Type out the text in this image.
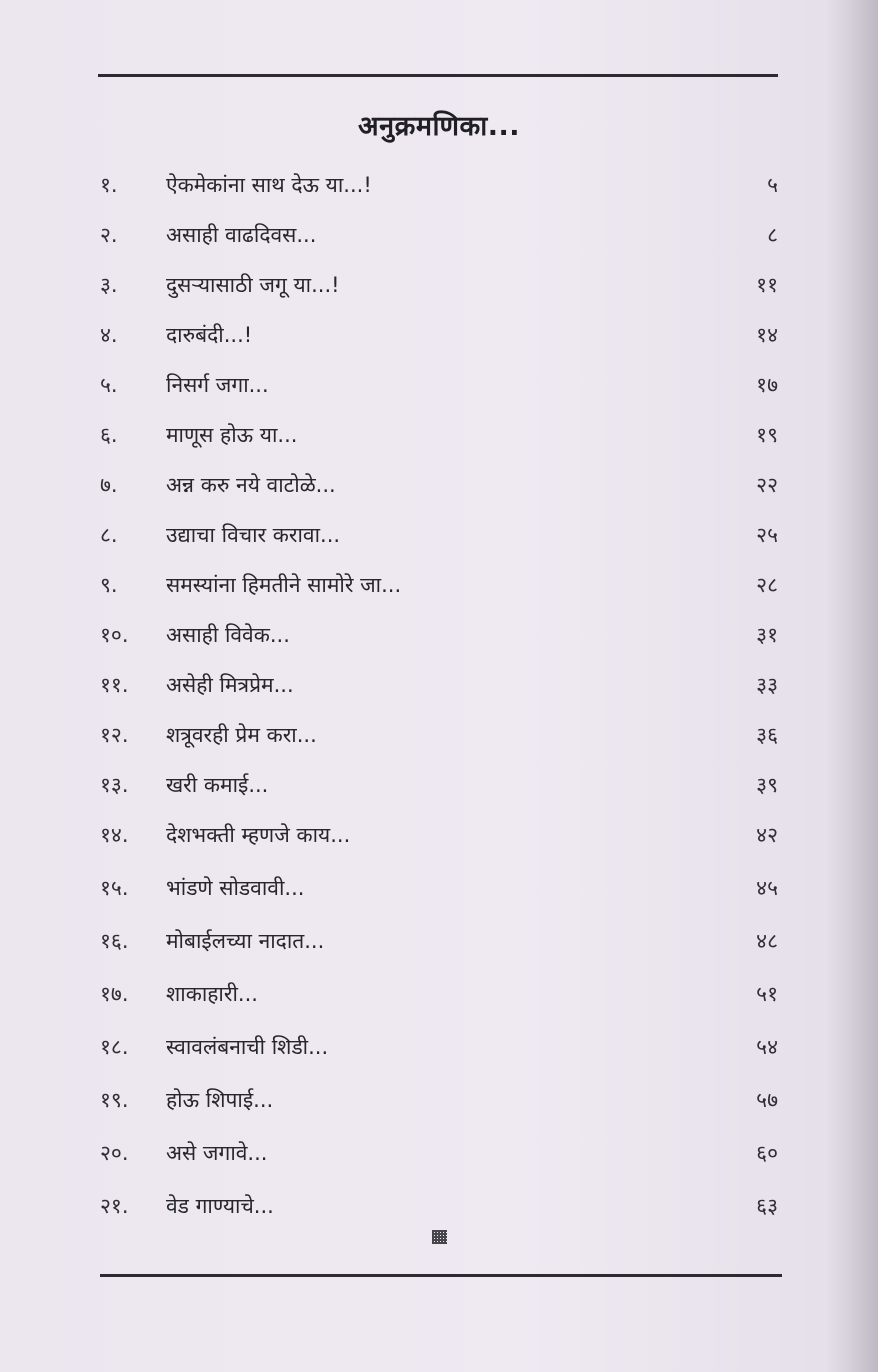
अनुक्रमणिका...
१.	ऐकमेकांना साथ देऊ या...!	५
२.	असाही वाढदिवस...	८
३.	दुसऱ्यासाठी जगू या...!	११
४.	दारुबंदी...!	१४
५.	निसर्ग जगा...	१७
६.	माणूस होऊ या...	१९
७.	अन्न करु नये वाटोळे...	२२
८.	उद्याचा विचार करावा...	२५
९.	समस्यांना हिमतीने सामोरे जा...	२८
१०.	असाही विवेक...	३१
११.	असेही मित्रप्रेम...	३३
१२.	शत्रूवरही प्रेम करा...	३६
१३.	खरी कमाई...	३९
१४.	देशभक्ती म्हणजे काय...	४२
१५.	भांडणे सोडवावी...	४५
१६.	मोबाईलच्या नादात...	४८
१७.	शाकाहारी...	५१
१८.	स्वावलंबनाची शिडी...	५४
१९.	होऊ शिपाई...	५७
२०.	असे जगावे...	६०
२१.	वेड गाण्याचे...	६३
